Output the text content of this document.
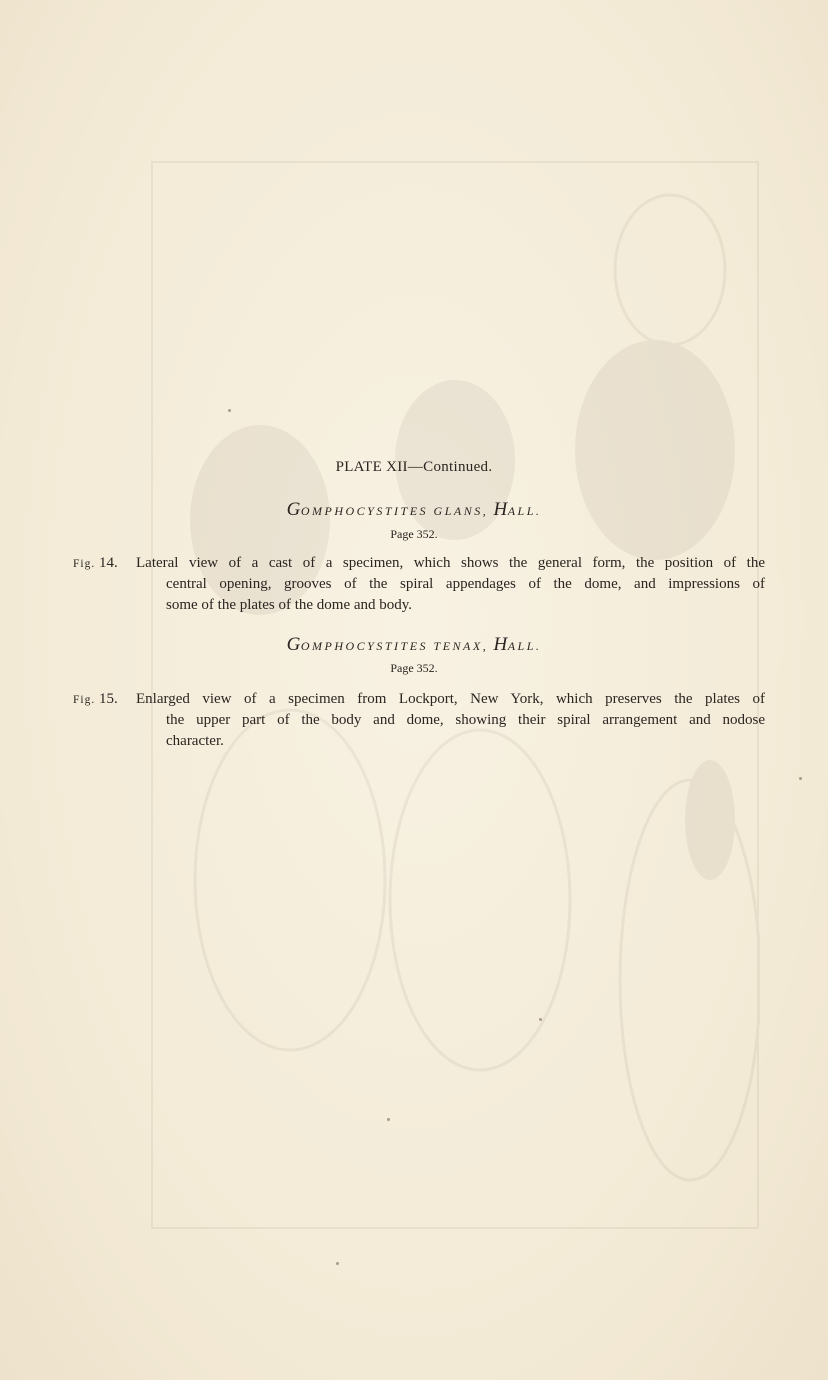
PLATE XII—Continued.
GOMPHOCYSTITES GLANS, HALL.
Page 352.
Fig. 14. Lateral view of a cast of a specimen, which shows the general form, the position of the
central opening, grooves of the spiral appendages of the dome, and impressions of
some of the plates of the dome and body.
GOMPHOCYSTITES TENAX, HALL.
Page 352.
Fig. 15. Enlarged view of a specimen from Lockport, New York, which preserves the plates of
the upper part of the body and dome, showing their spiral arrangement and nodose
character.
